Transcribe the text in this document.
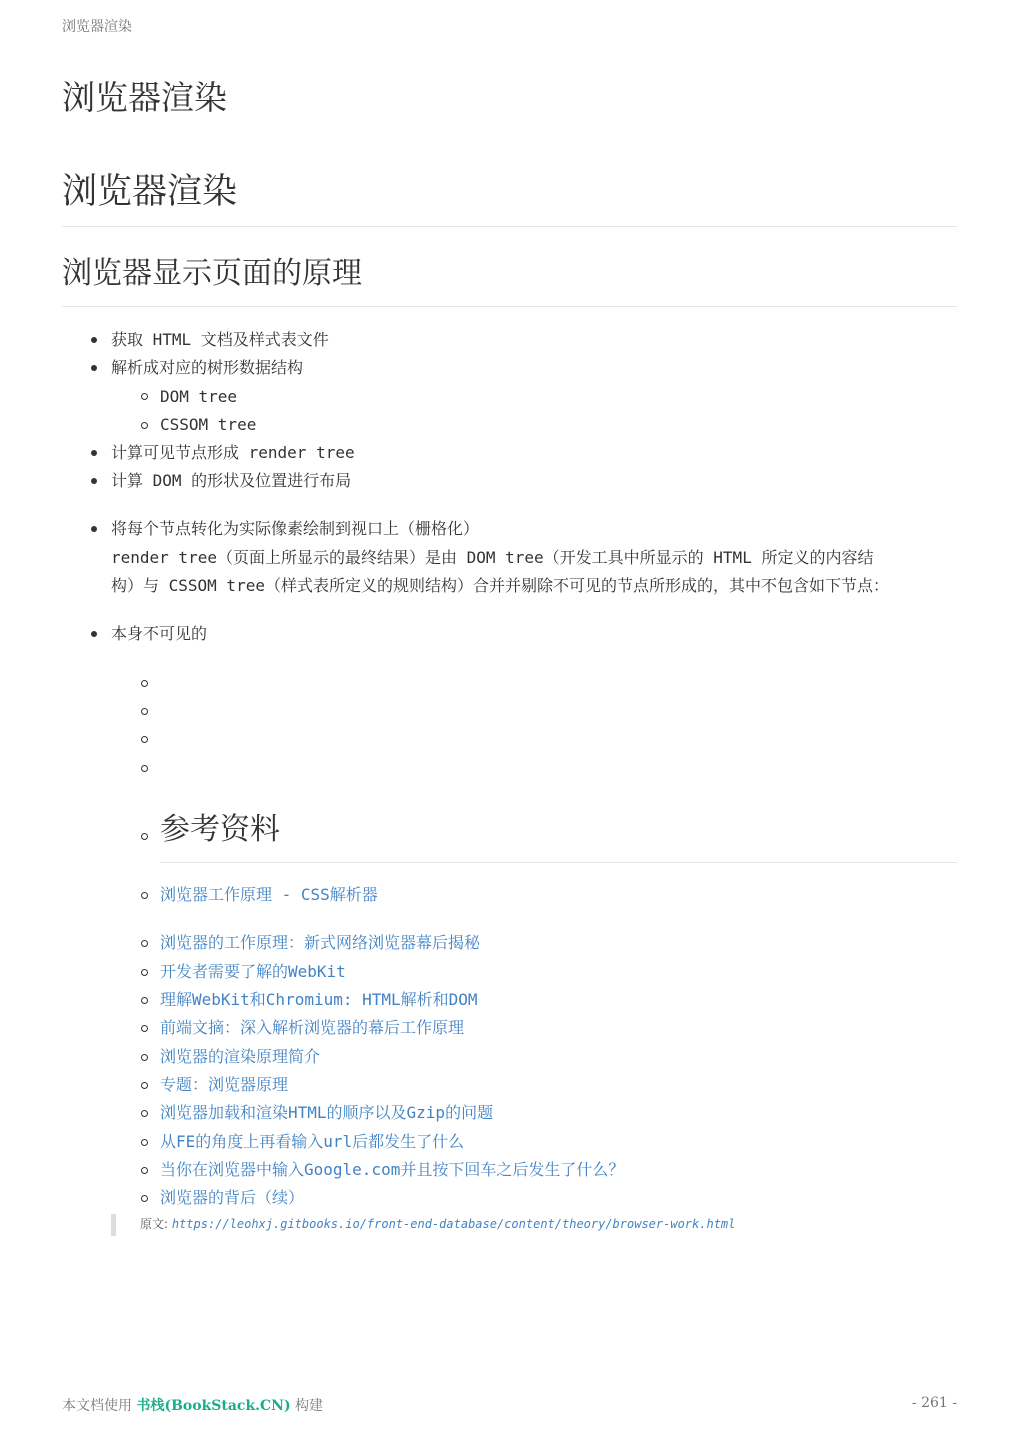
浏览器渲染
浏览器渲染
浏览器渲染
浏览器显示页面的原理
获取 HTML 文档及样式表文件
解析成对应的树形数据结构
DOM tree
CSSOM tree
计算可见节点形成 render tree
计算 DOM 的形状及位置进行布局
将每个节点转化为实际像素绘制到视口上（栅格化）
render tree（页面上所显示的最终结果）是由 DOM tree（开发工具中所显示的 HTML 所定义的内容结
构）与 CSSOM tree（样式表所定义的规则结构）合并并剔除不可见的节点所形成的，其中不包含如下节点：
本身不可见的
参考资料
浏览器工作原理 - CSS解析器
浏览器的工作原理：新式网络浏览器幕后揭秘
开发者需要了解的WebKit
理解WebKit和Chromium: HTML解析和DOM
前端文摘：深入解析浏览器的幕后工作原理
浏览器的渲染原理简介
专题：浏览器原理
浏览器加载和渲染HTML的顺序以及Gzip的问题
从FE的角度上再看输入url后都发生了什么
当你在浏览器中输入Google.com并且按下回车之后发生了什么？
浏览器的背后（续）
原文: https://leohxj.gitbooks.io/front-end-database/content/theory/browser-work.html
本文档使用 书栈(BookStack.CN) 构建	- 261 -
